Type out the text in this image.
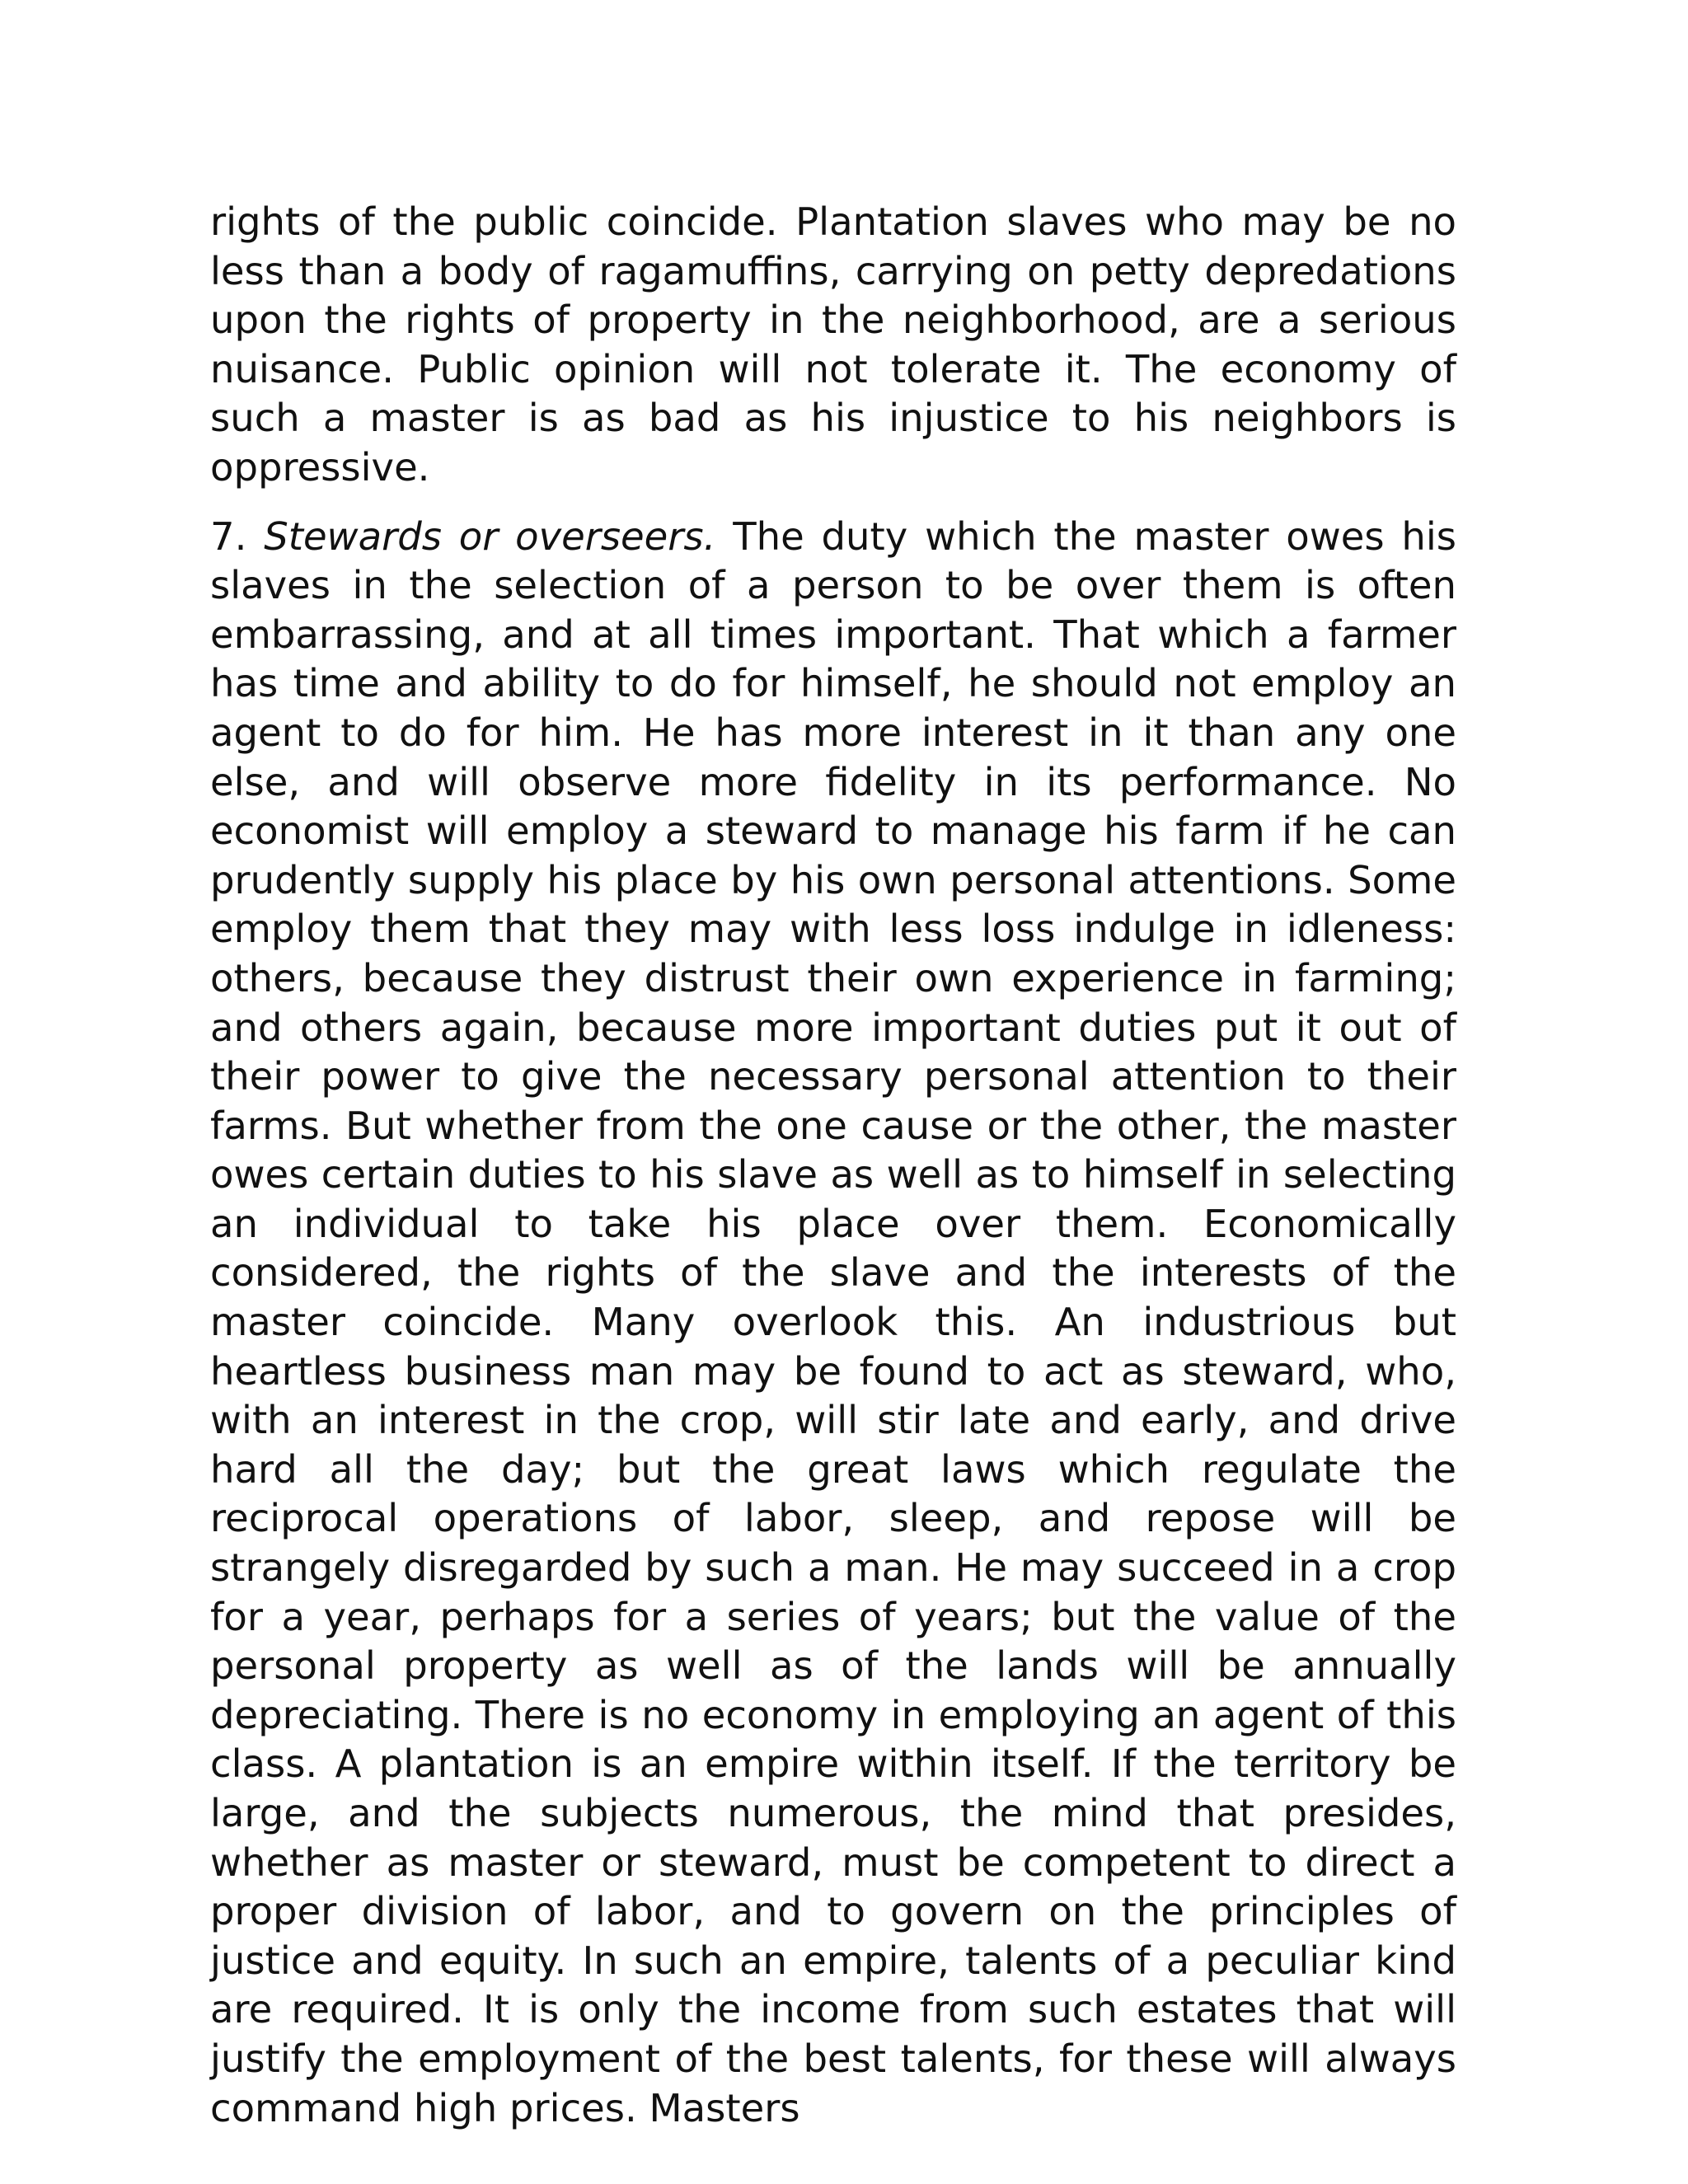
rights of the public coincide. Plantation slaves who may be no less than a body of ragamuffins, carrying on petty depredations upon the rights of property in the neighborhood, are a serious nuisance. Public opinion will not tolerate it. The economy of such a master is as bad as his injustice to his neighbors is oppressive.

7. Stewards or overseers. The duty which the master owes his slaves in the selection of a person to be over them is often embarrassing, and at all times important. That which a farmer has time and ability to do for himself, he should not employ an agent to do for him. He has more interest in it than any one else, and will observe more fidelity in its performance. No economist will employ a steward to manage his farm if he can prudently supply his place by his own personal attentions. Some employ them that they may with less loss indulge in idleness: others, because they distrust their own experience in farming; and others again, because more important duties put it out of their power to give the necessary personal attention to their farms. But whether from the one cause or the other, the master owes certain duties to his slave as well as to himself in selecting an individual to take his place over them. Economically considered, the rights of the slave and the interests of the master coincide. Many overlook this. An industrious but heartless business man may be found to act as steward, who, with an interest in the crop, will stir late and early, and drive hard all the day; but the great laws which regulate the reciprocal operations of labor, sleep, and repose will be strangely disregarded by such a man. He may succeed in a crop for a year, perhaps for a series of years; but the value of the personal property as well as of the lands will be annually depreciating. There is no economy in employing an agent of this class. A plantation is an empire within itself. If the territory be large, and the subjects numerous, the mind that presides, whether as master or steward, must be competent to direct a proper division of labor, and to govern on the principles of justice and equity. In such an empire, talents of a peculiar kind are required. It is only the income from such estates that will justify the employment of the best talents, for these will always command high prices. Masters
